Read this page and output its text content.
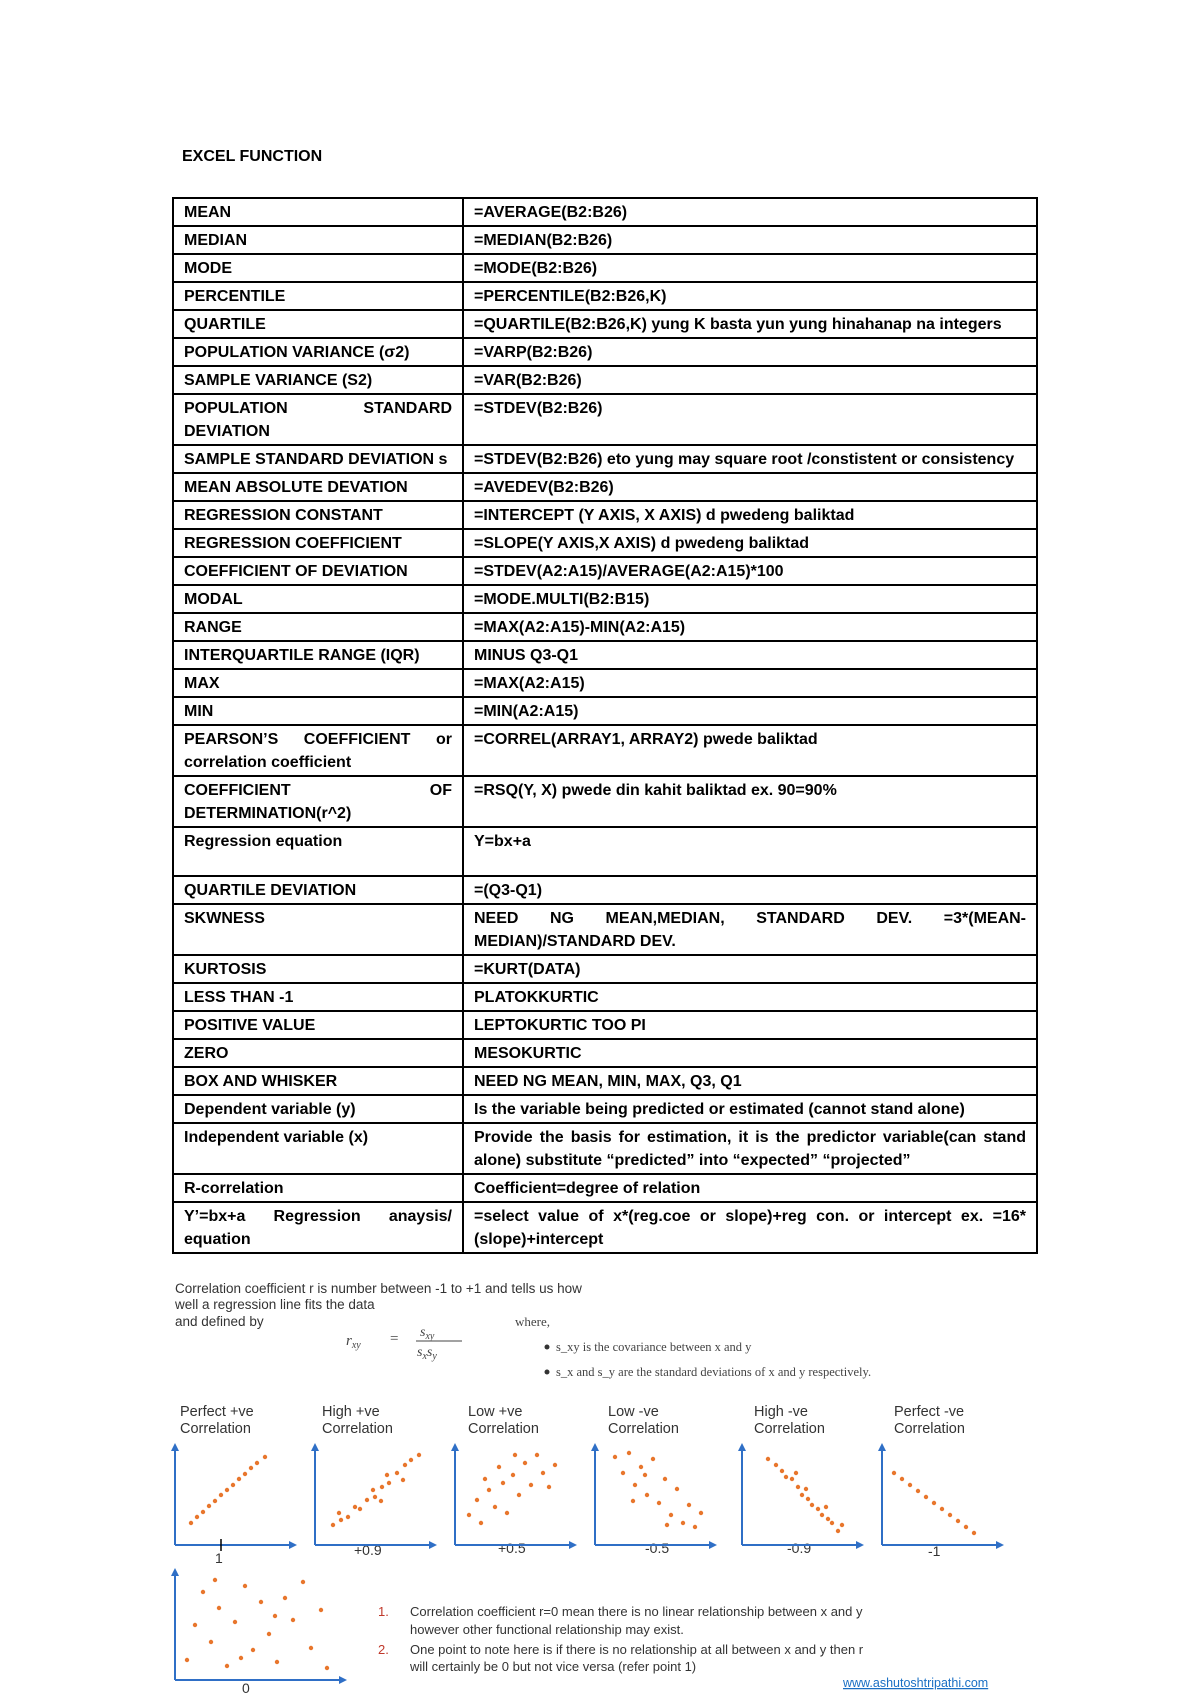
EXCEL FUNCTION
MEAN	=AVERAGE(B2:B26)
MEDIAN	=MEDIAN(B2:B26)
MODE	=MODE(B2:B26)
PERCENTILE	=PERCENTILE(B2:B26,K)
QUARTILE	=QUARTILE(B2:B26,K) yung K basta yun yung hinahanap na integers
POPULATION VARIANCE (σ2)	=VARP(B2:B26)
SAMPLE VARIANCE (S2)	=VAR(B2:B26)
POPULATION STANDARD DEVIATION	=STDEV(B2:B26)
SAMPLE STANDARD DEVIATION s	=STDEV(B2:B26) eto yung may square root /constistent or consistency
MEAN ABSOLUTE DEVATION	=AVEDEV(B2:B26)
REGRESSION CONSTANT	=INTERCEPT (Y AXIS, X AXIS) d pwedeng baliktad
REGRESSION COEFFICIENT	=SLOPE(Y AXIS,X AXIS) d pwedeng baliktad
COEFFICIENT OF DEVIATION	=STDEV(A2:A15)/AVERAGE(A2:A15)*100
MODAL	=MODE.MULTI(B2:B15)
RANGE	=MAX(A2:A15)-MIN(A2:A15)
INTERQUARTILE RANGE (IQR)	MINUS Q3-Q1
MAX	=MAX(A2:A15)
MIN	=MIN(A2:A15)
PEARSON’S COEFFICIENT or correlation coefficient	=CORREL(ARRAY1, ARRAY2) pwede baliktad
COEFFICIENT OF DETERMINATION(r^2)	=RSQ(Y, X) pwede din kahit baliktad ex. 90=90%
Regression equation	Y=bx+a
QUARTILE DEVIATION	=(Q3-Q1)
SKWNESS	NEED NG MEAN,MEDIAN, STANDARD DEV. =3*(MEAN-MEDIAN)/STANDARD DEV.
KURTOSIS	=KURT(DATA)
LESS THAN -1	PLATOKKURTIC
POSITIVE VALUE	LEPTOKURTIC TOO PI
ZERO	MESOKURTIC
BOX AND WHISKER	NEED NG MEAN, MIN, MAX, Q3, Q1
Dependent variable (y)	Is the variable being predicted or estimated (cannot stand alone)
Independent variable (x)	Provide the basis for estimation, it is the predictor variable(can stand alone) substitute “predicted” into “expected” “projected”
R-correlation	Coefficient=degree of relation
Y’=bx+a Regression anaysis/ equation	=select value of x*(reg.coe or slope)+reg con. or intercept ex. =16*(slope)+intercept
Correlation coefficient r is number between -1 to +1 and tells us how
well a regression line fits the data
and defined by
$r_{xy} = s_{xy}$
$s_xs_y$
where,
s_xy is the covariance between x and y
s_x and s_y are the standard deviations of x and y respectively.
Perfect +ve
Correlation
High +ve
Correlation
Low +ve
Correlation
Low -ve
Correlation
High -ve
Correlation
Perfect -ve
Correlation
1	+0.9	+0.5	-0.5	-0.9	-1
0
1. Correlation coefficient r=0 mean there is no linear relationship between x and y
however other functional relationship may exist.
2. One point to note here is if there is no relationship at all between x and y then r
will certainly be 0 but not vice versa (refer point 1)
www.ashutoshtripathi.com
